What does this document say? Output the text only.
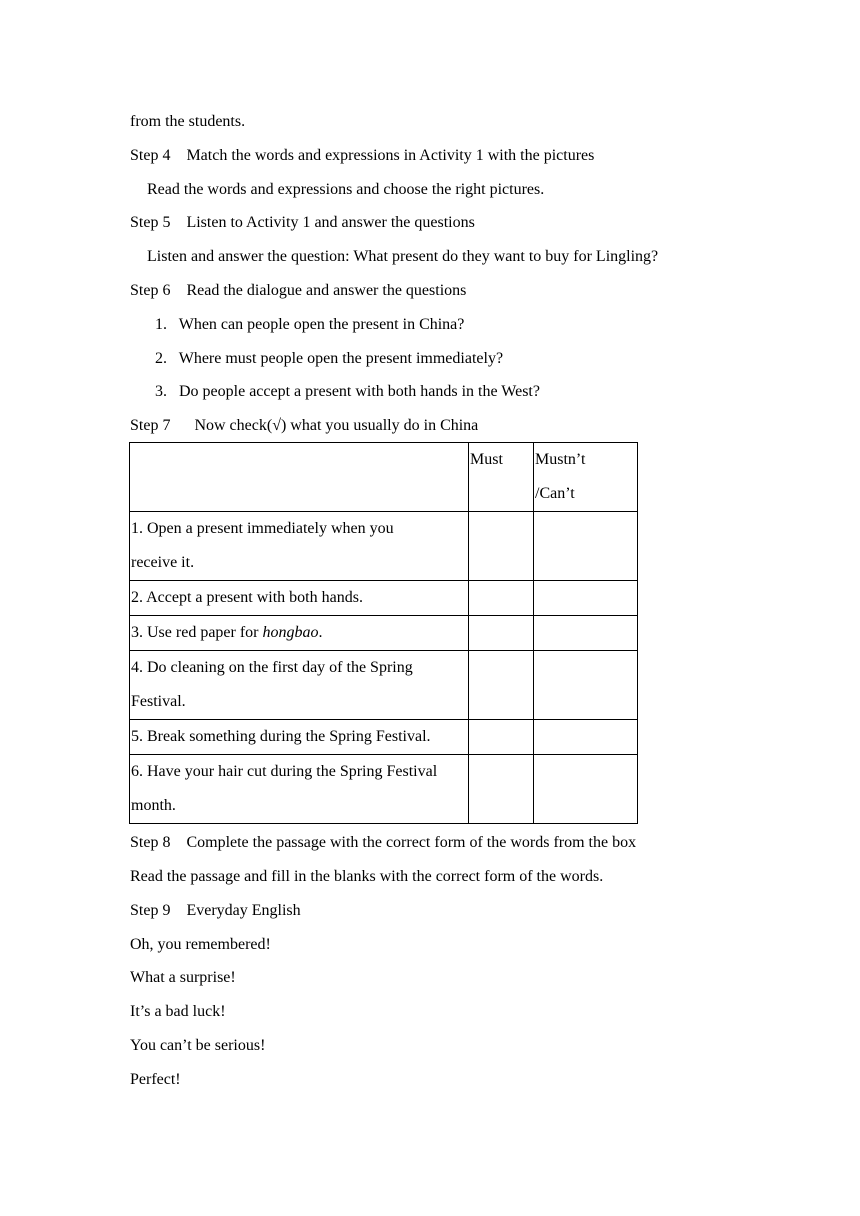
from the students.
Step 4    Match the words and expressions in Activity 1 with the pictures
Read the words and expressions and choose the right pictures.
Step 5    Listen to Activity 1 and answer the questions
Listen and answer the question: What present do they want to buy for Lingling?
Step 6    Read the dialogue and answer the questions
1.   When can people open the present in China?
2.   Where must people open the present immediately?
3.   Do people accept a present with both hands in the West?
Step 7      Now check(√) what you usually do in China
	Must	Mustn’t
/Can’t
1. Open a present immediately when you
receive it.		
2. Accept a present with both hands.		
3. Use red paper for hongbao.		
4. Do cleaning on the first day of the Spring
Festival.		
5. Break something during the Spring Festival.		
6. Have your hair cut during the Spring Festival
month.		
Step 8    Complete the passage with the correct form of the words from the box
Read the passage and fill in the blanks with the correct form of the words.
Step 9    Everyday English
Oh, you remembered!
What a surprise!
It’s a bad luck!
You can’t be serious!
Perfect!
